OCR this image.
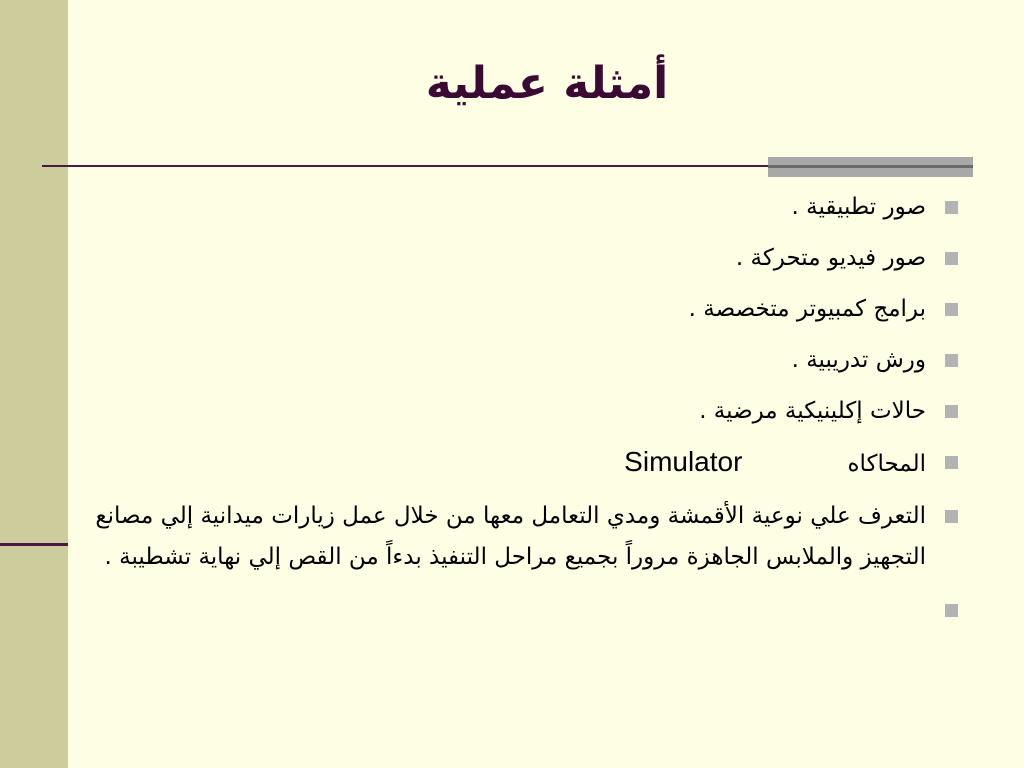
أمثلة عملية
صور تطبيقية .
صور فيديو متحركة .
برامج كمبيوتر متخصصة .
ورش تدريبية .
حالات إكلينيكية مرضية .
المحاكاه
Simulator
التعرف علي نوعية الأقمشة ومدي التعامل معها من خلال عمل زيارات ميدانية إلي مصانع التجهيز والملابس الجاهزة مروراً بجميع مراحل التنفيذ بدءاً من القص إلي نهاية تشطيبة .
